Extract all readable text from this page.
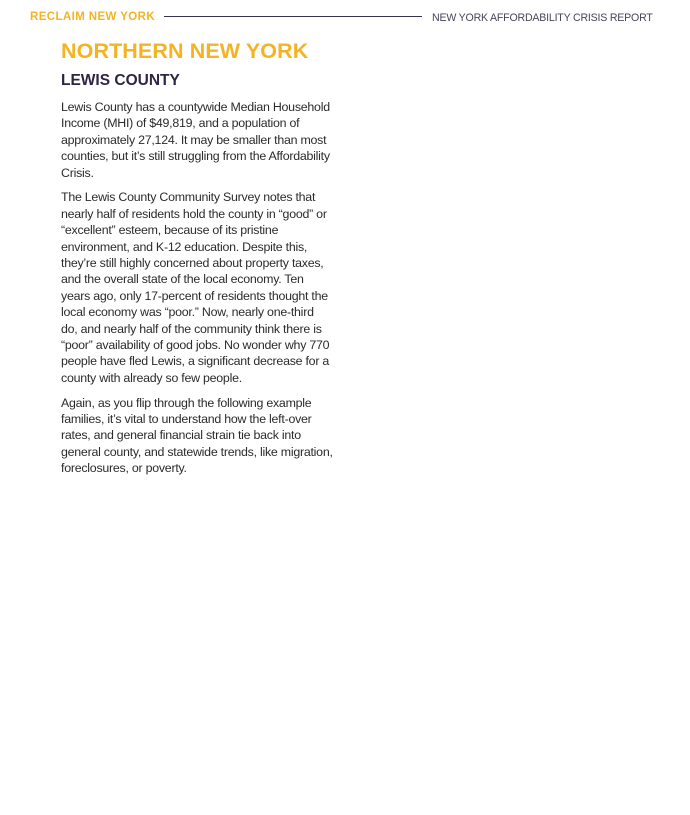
RECLAIM NEW YORK	NEW YORK AFFORDABILITY CRISIS REPORT
NORTHERN NEW YORK
LEWIS COUNTY

Lewis County has a countywide Median Household Income (MHI) of $49,819, and a population of approximately 27,124. It may be smaller than most counties, but it’s still struggling from the Affordability Crisis.

The Lewis County Community Survey notes that nearly half of residents hold the county in “good” or “excellent” esteem, because of its pristine environment, and K-12 education. Despite this, they’re still highly concerned about property taxes, and the overall state of the local economy. Ten years ago, only 17-percent of residents thought the local economy was “poor.” Now, nearly one-third do, and nearly half of the community think there is “poor” availability of good jobs. No wonder why 770 people have fled Lewis, a significant decrease for a county with already so few people.

Again, as you flip through the following example families, it’s vital to understand how the left-over rates, and general financial strain tie back into general county, and statewide trends, like migration, foreclosures, or poverty.
